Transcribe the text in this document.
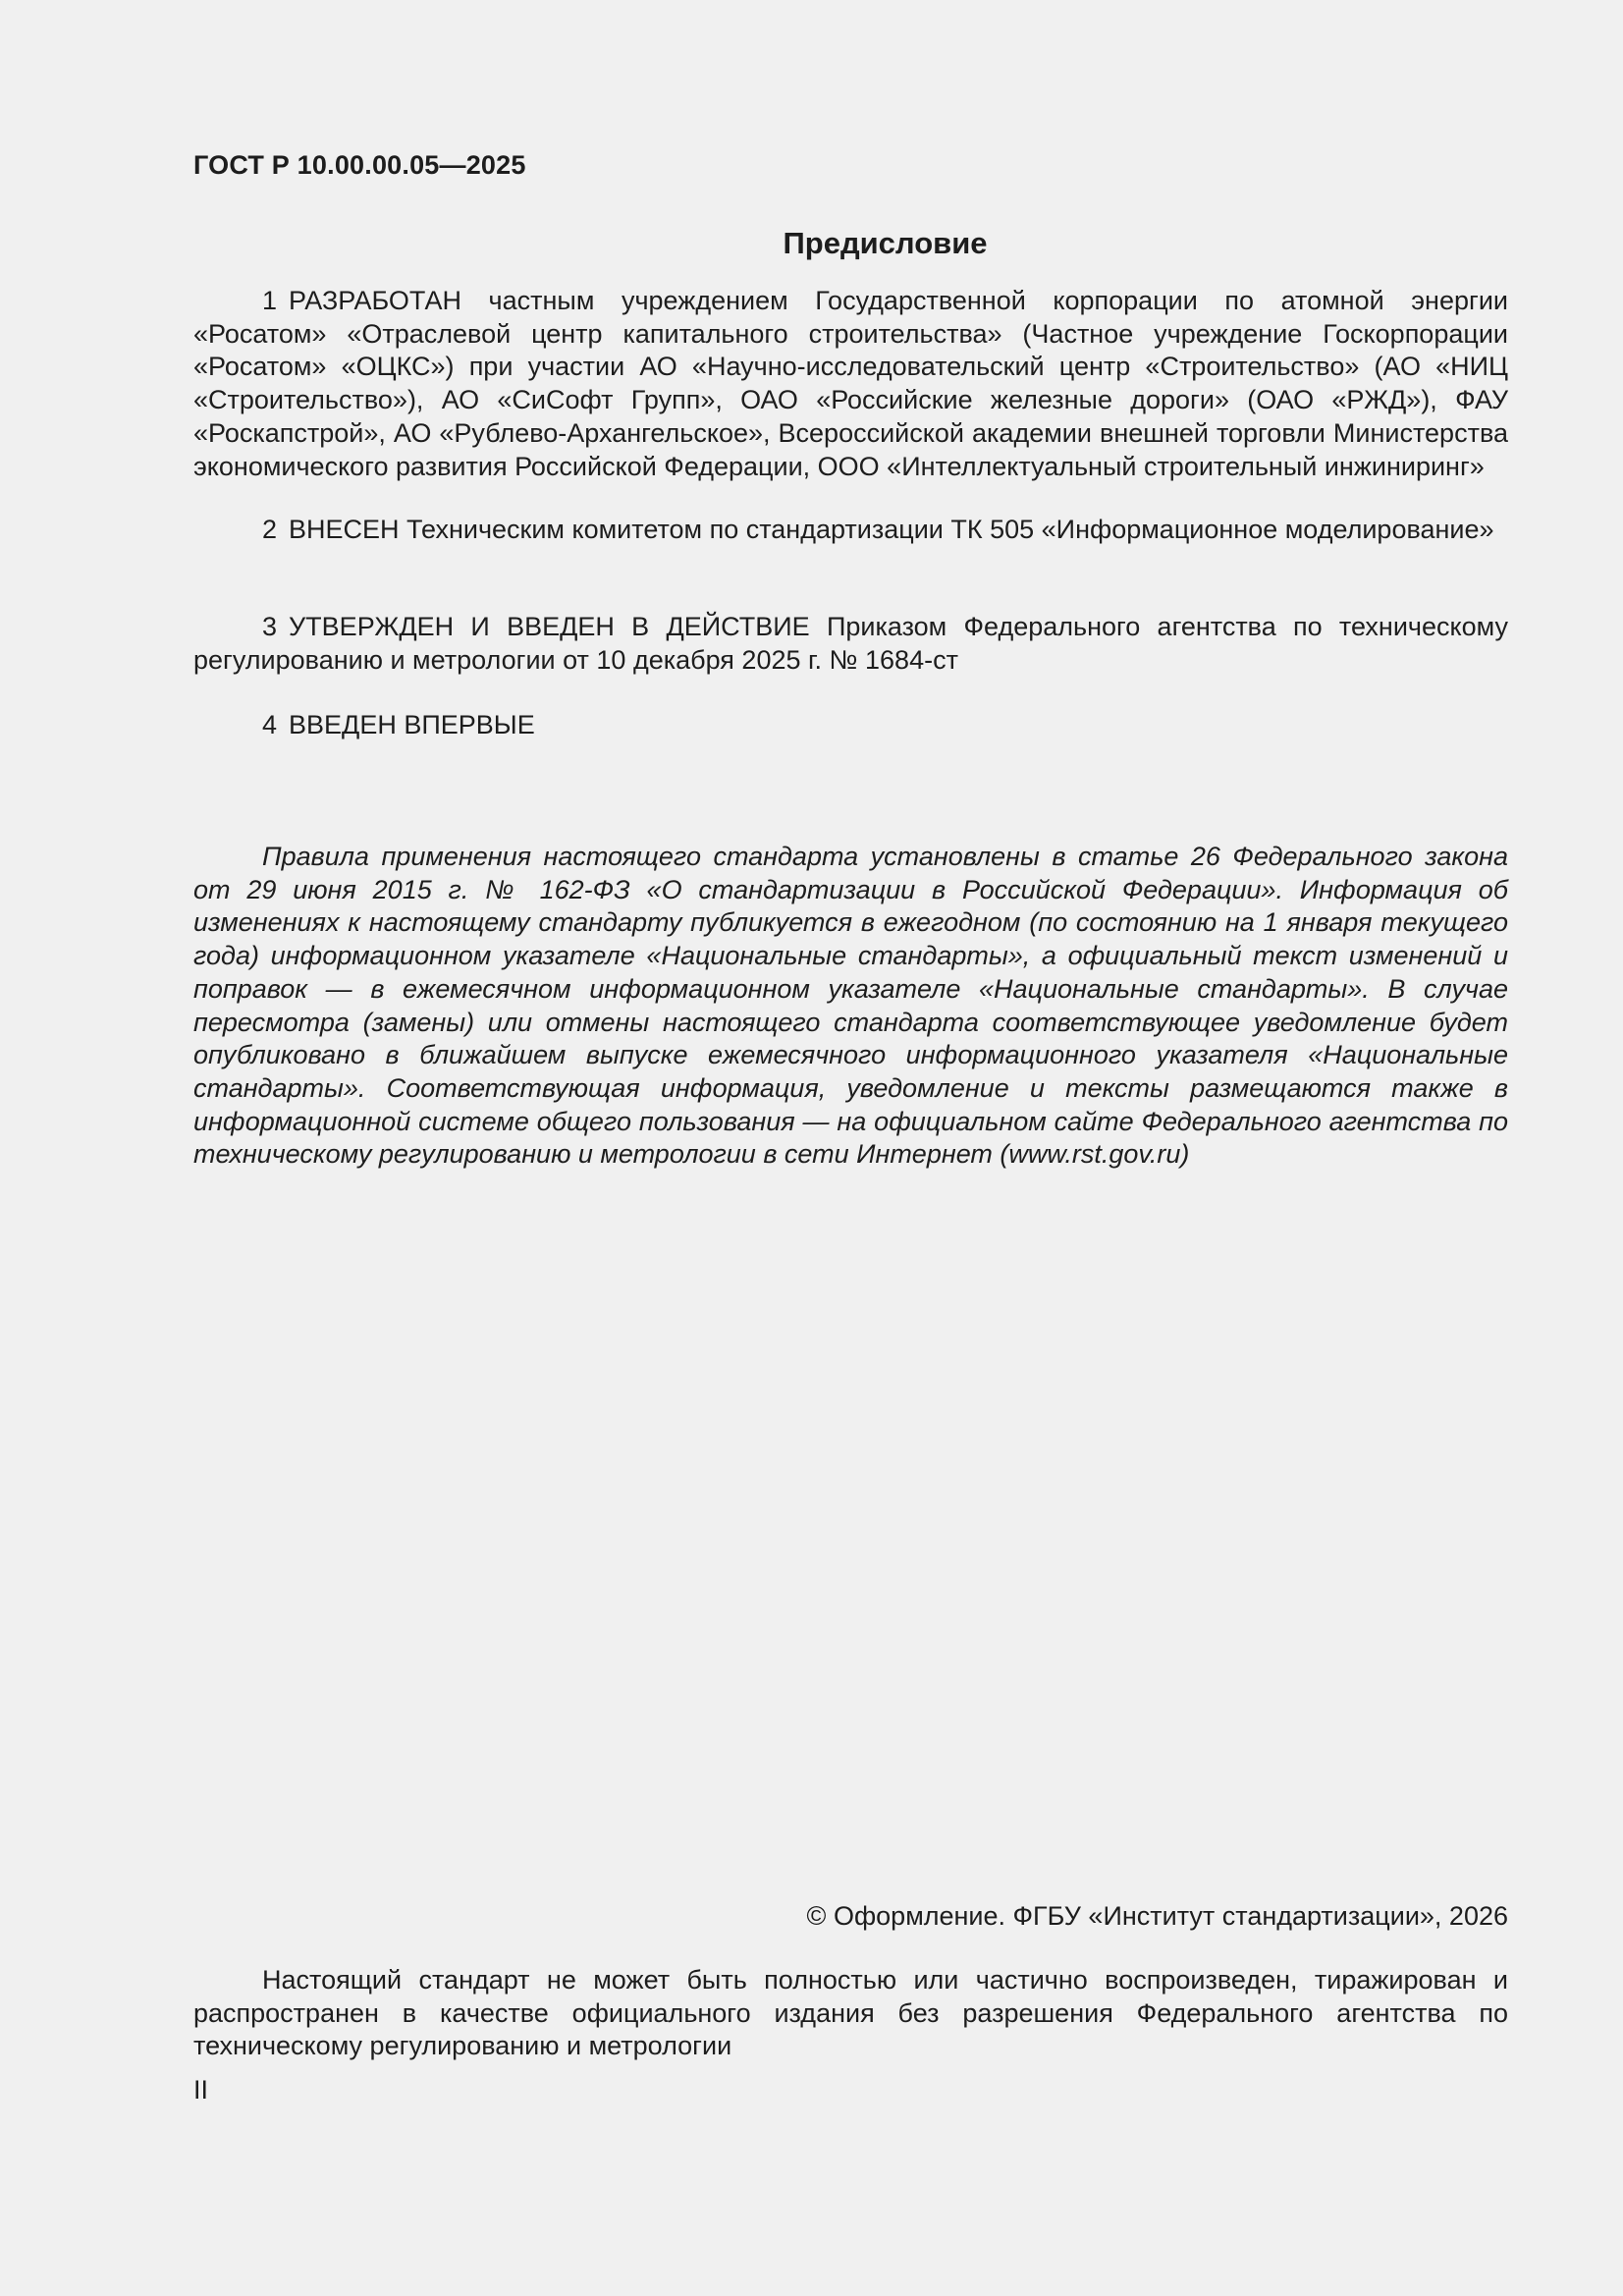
ГОСТ Р 10.00.00.05—2025
Предисловие

1 РАЗРАБОТАН частным учреждением Государственной корпорации по атомной энергии «Росатом» «Отраслевой центр капитального строительства» (Частное учреждение Госкорпорации «Росатом» «ОЦКС») при участии АО «Научно-исследовательский центр «Строительство» (АО «НИЦ «Строительство»), АО «СиСофт Групп», ОАО «Российские железные дороги» (ОАО «РЖД»), ФАУ «Роскапстрой», АО «Рублево-Архангельское», Всероссийской академии внешней торговли Министерства экономического развития Российской Федерации, ООО «Интеллектуальный строительный инжиниринг»

2 ВНЕСЕН Техническим комитетом по стандартизации ТК 505 «Информационное моделирование»

3 УТВЕРЖДЕН И ВВЕДЕН В ДЕЙСТВИЕ Приказом Федерального агентства по техническому регулированию и метрологии от 10 декабря 2025 г. № 1684-ст

4 ВВЕДЕН ВПЕРВЫЕ

Правила применения настоящего стандарта установлены в статье 26 Федерального закона от 29 июня 2015 г. № 162-ФЗ «О стандартизации в Российской Федерации». Информация об изменениях к настоящему стандарту публикуется в ежегодном (по состоянию на 1 января текущего года) информационном указателе «Национальные стандарты», а официальный текст изменений и поправок — в ежемесячном информационном указателе «Национальные стандарты». В случае пересмотра (замены) или отмены настоящего стандарта соответствующее уведомление будет опубликовано в ближайшем выпуске ежемесячного информационного указателя «Национальные стандарты». Соответствующая информация, уведомление и тексты размещаются также в информационной системе общего пользования — на официальном сайте Федерального агентства по техническому регулированию и метрологии в сети Интернет (www.rst.gov.ru)

© Оформление. ФГБУ «Институт стандартизации», 2026

Настоящий стандарт не может быть полностью или частично воспроизведен, тиражирован и распространен в качестве официального издания без разрешения Федерального агентства по техническому регулированию и метрологии

II
